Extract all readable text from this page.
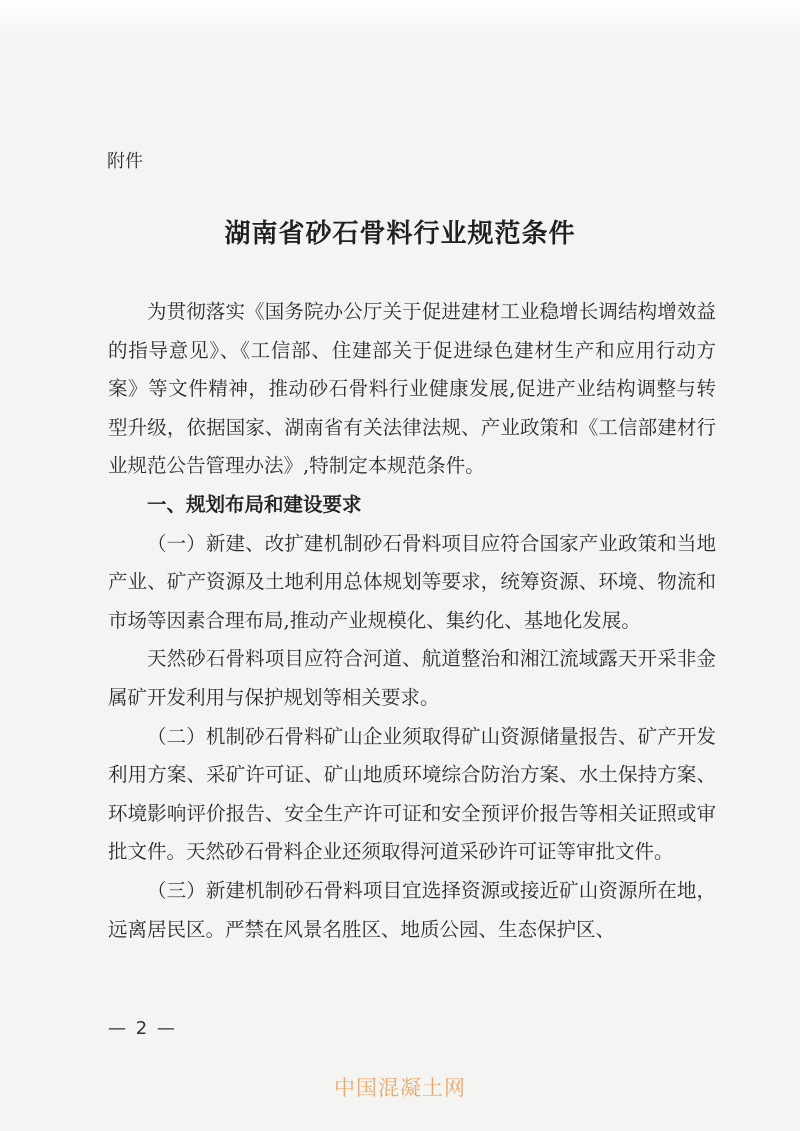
附件
湖南省砂石骨料行业规范条件

为贯彻落实《国务院办公厅关于促进建材工业稳增长调结构增效益的指导意见》、《工信部、住建部关于促进绿色建材生产和应用行动方案》等文件精神，推动砂石骨料行业健康发展,促进产业结构调整与转型升级，依据国家、湖南省有关法律法规、产业政策和《工信部建材行业规范公告管理办法》,特制定本规范条件。

一、规划布局和建设要求

（一）新建、改扩建机制砂石骨料项目应符合国家产业政策和当地产业、矿产资源及土地利用总体规划等要求，统筹资源、环境、物流和市场等因素合理布局,推动产业规模化、集约化、基地化发展。

天然砂石骨料项目应符合河道、航道整治和湘江流域露天开采非金属矿开发利用与保护规划等相关要求。

（二）机制砂石骨料矿山企业须取得矿山资源储量报告、矿产开发利用方案、采矿许可证、矿山地质环境综合防治方案、水土保持方案、环境影响评价报告、安全生产许可证和安全预评价报告等相关证照或审批文件。天然砂石骨料企业还须取得河道采砂许可证等审批文件。

（三）新建机制砂石骨料项目宜选择资源或接近矿山资源所在地，远离居民区。严禁在风景名胜区、地质公园、生态保护区、

— 2 —
中国混凝土网
